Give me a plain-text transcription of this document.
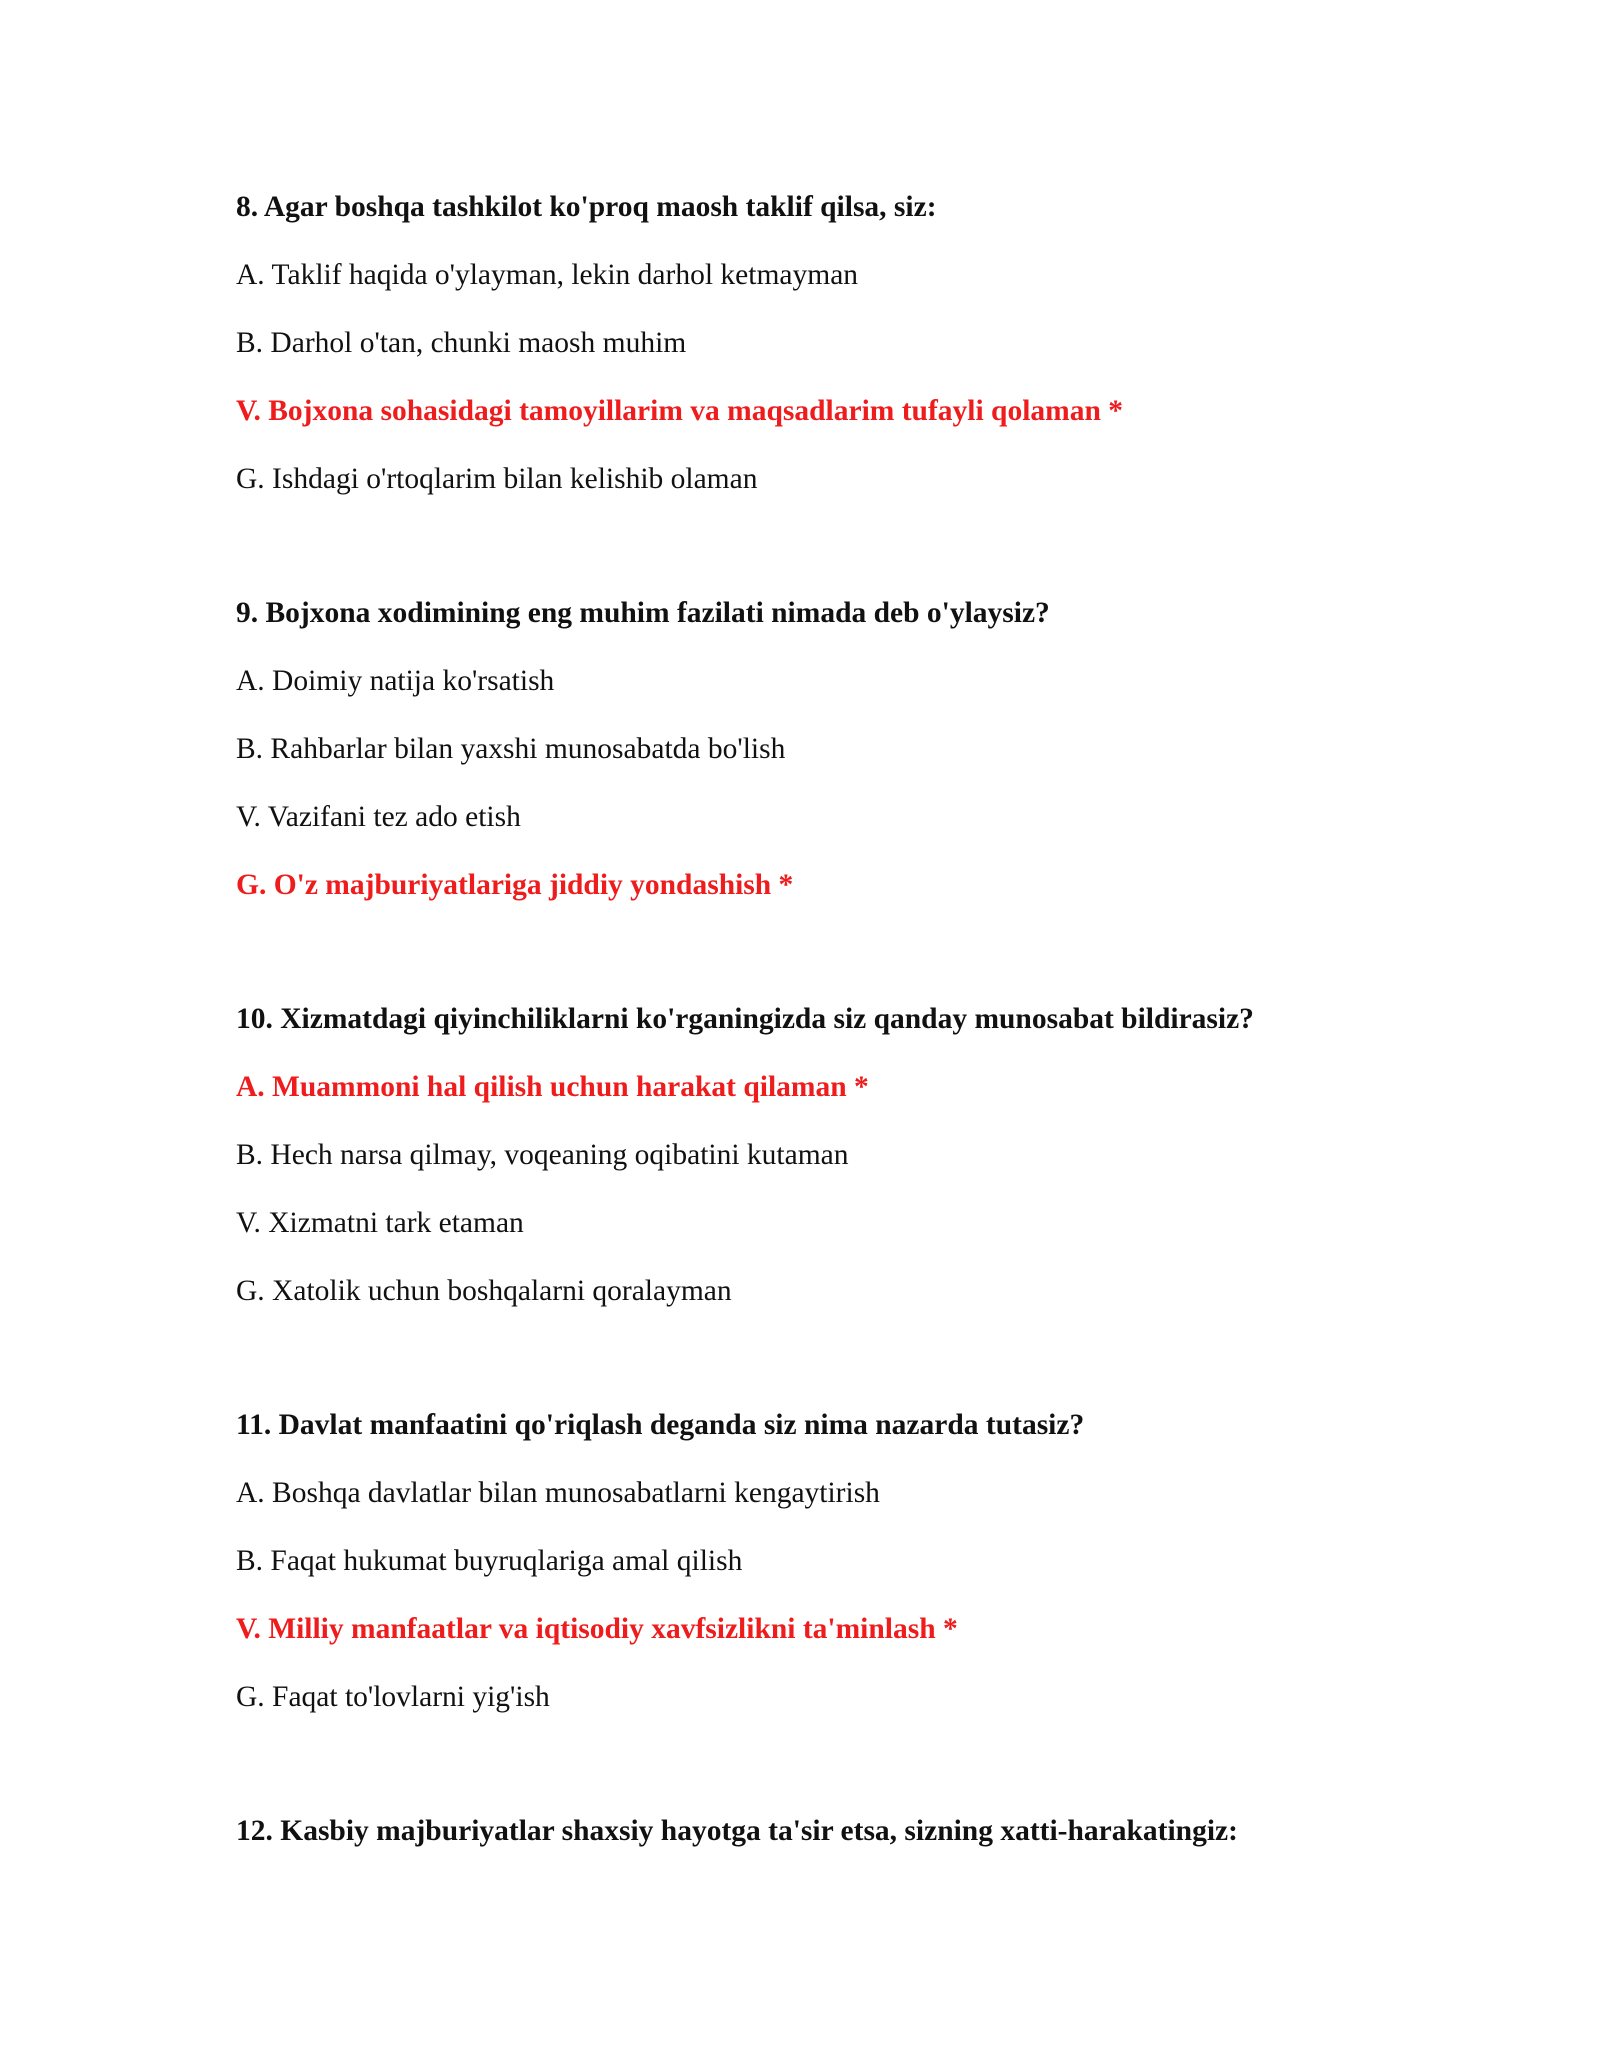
8. Agar boshqa tashkilot ko'proq maosh taklif qilsa, siz:
A. Taklif haqida o'ylayman, lekin darhol ketmayman
B. Darhol o'tan, chunki maosh muhim
V. Bojxona sohasidagi tamoyillarim va maqsadlarim tufayli qolaman *
G. Ishdagi o'rtoqlarim bilan kelishib olaman
9. Bojxona xodimining eng muhim fazilati nimada deb o'ylaysiz?
A. Doimiy natija ko'rsatish
B. Rahbarlar bilan yaxshi munosabatda bo'lish
V. Vazifani tez ado etish
G. O'z majburiyatlariga jiddiy yondashish *
10. Xizmatdagi qiyinchiliklarni ko'rganingizda siz qanday munosabat bildirasiz?
A. Muammoni hal qilish uchun harakat qilaman *
B. Hech narsa qilmay, voqeaning oqibatini kutaman
V. Xizmatni tark etaman
G. Xatolik uchun boshqalarni qoralayman
11. Davlat manfaatini qo'riqlash deganda siz nima nazarda tutasiz?
A. Boshqa davlatlar bilan munosabatlarni kengaytirish
B. Faqat hukumat buyruqlariga amal qilish
V. Milliy manfaatlar va iqtisodiy xavfsizlikni ta'minlash *
G. Faqat to'lovlarni yig'ish
12. Kasbiy majburiyatlar shaxsiy hayotga ta'sir etsa, sizning xatti-harakatingiz:
